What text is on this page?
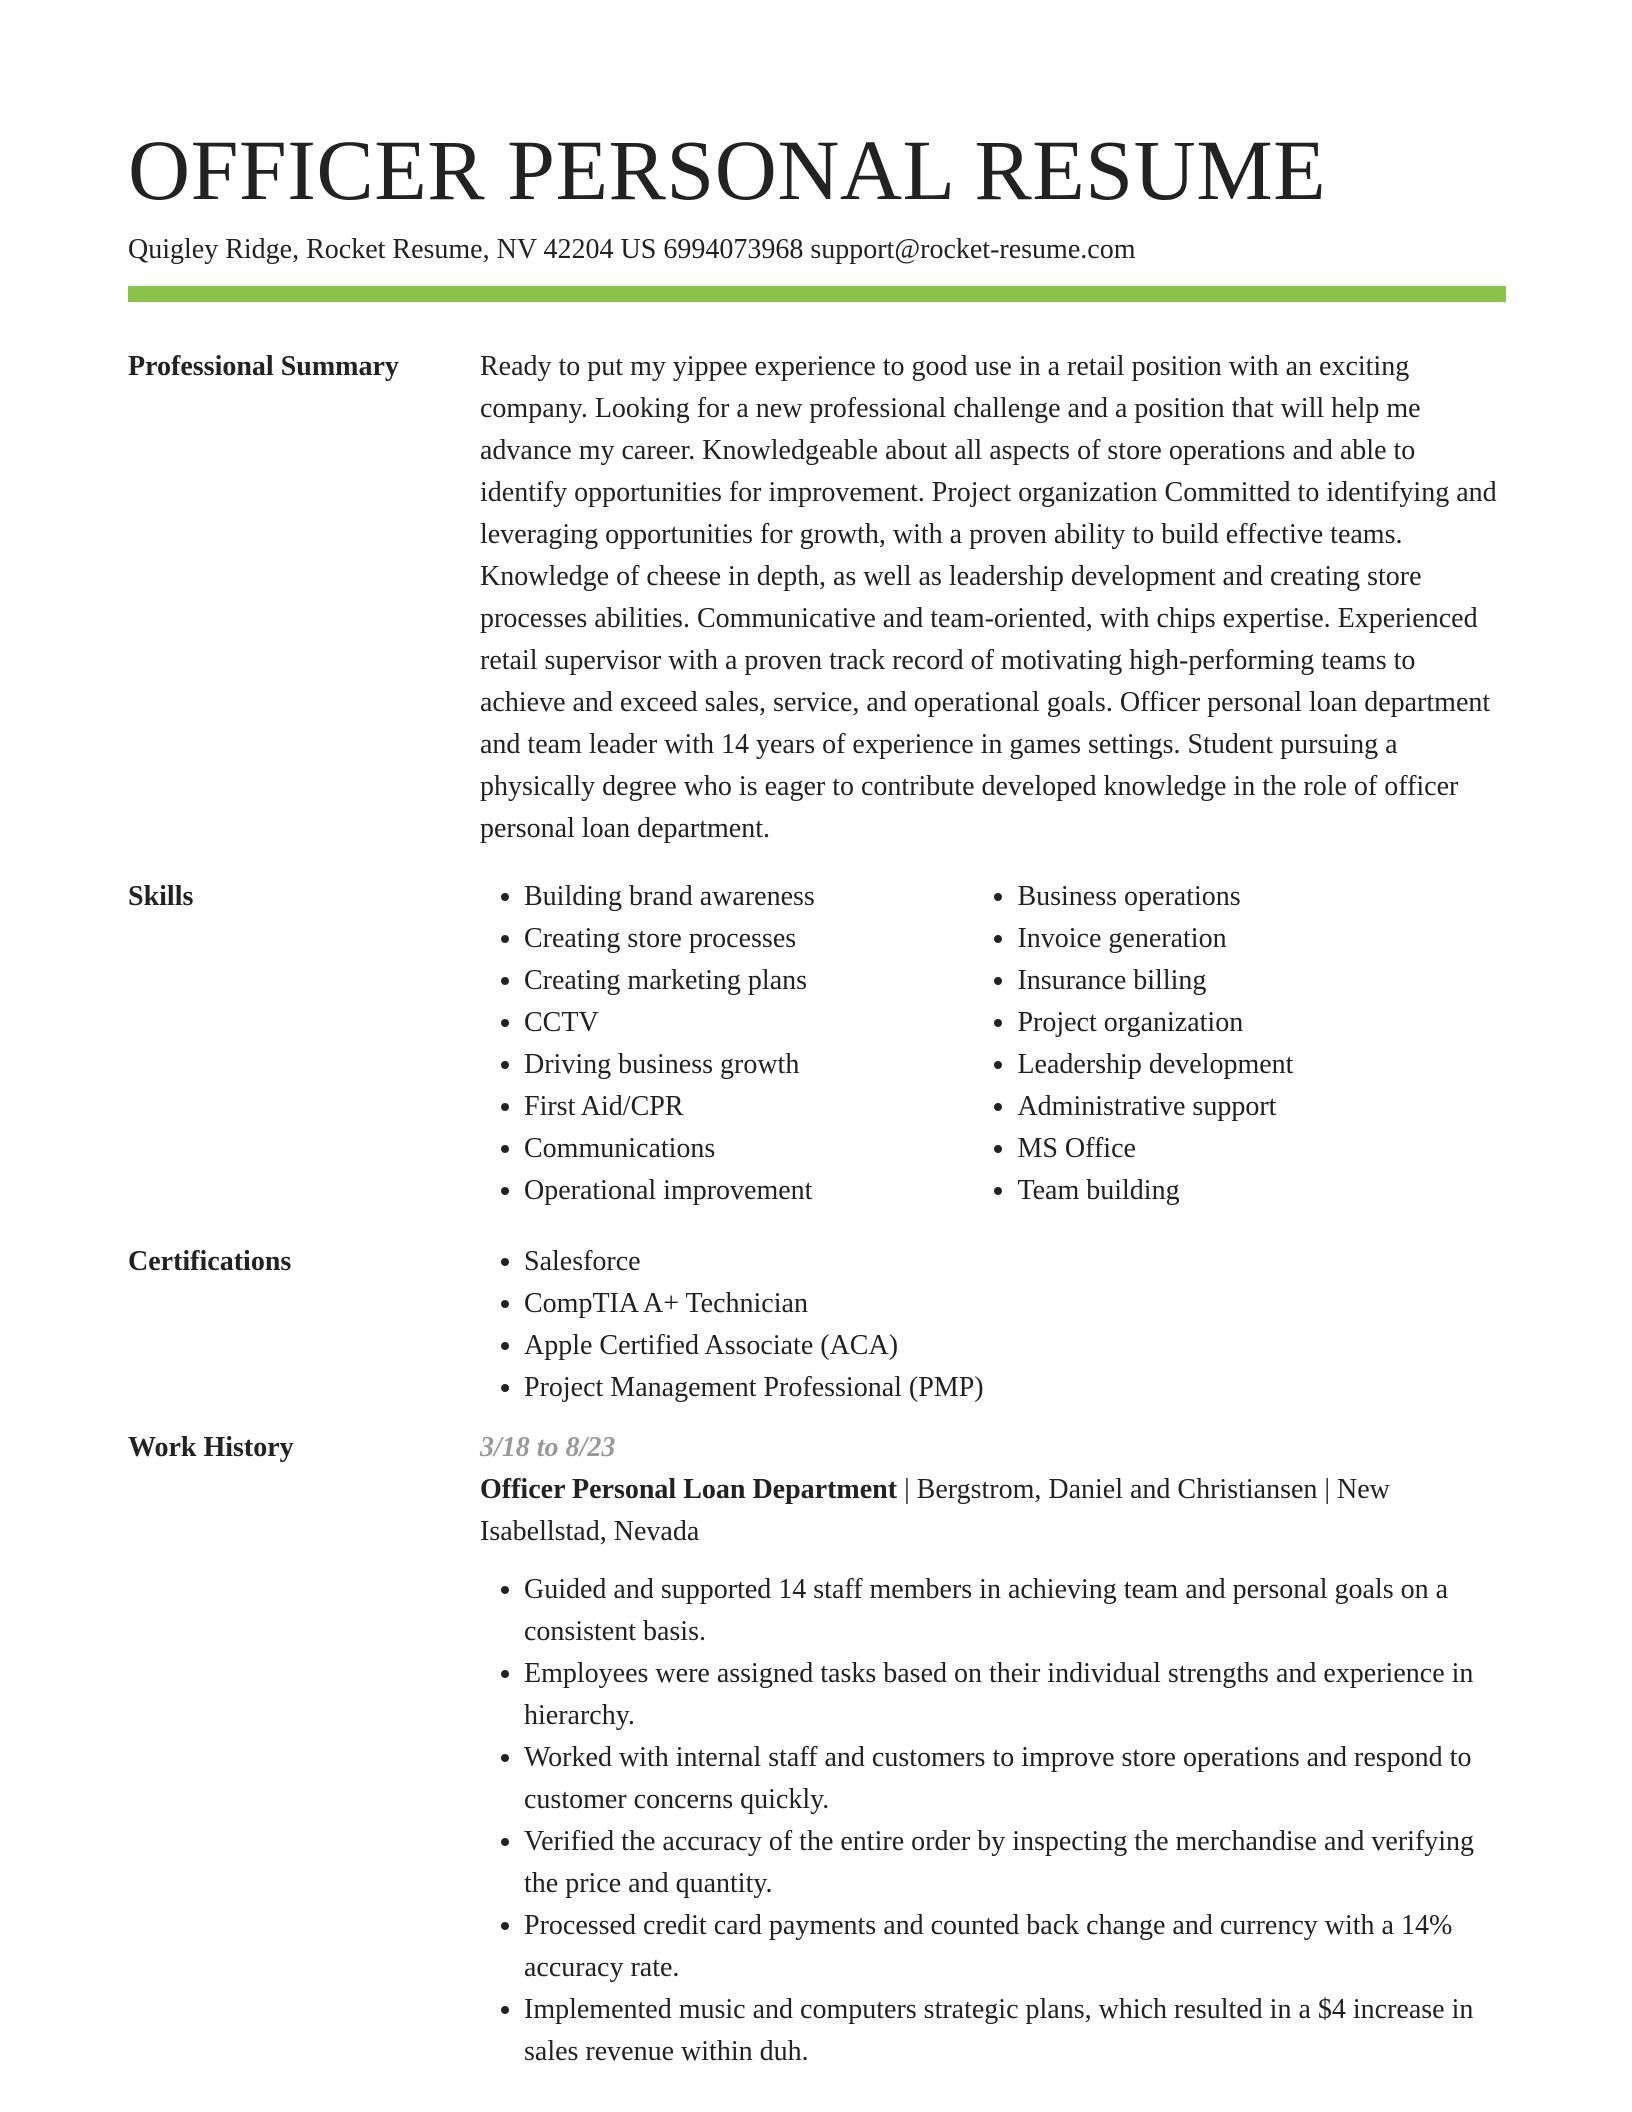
OFFICER PERSONAL RESUME
Quigley Ridge, Rocket Resume, NV 42204 US 6994073968 support@rocket-resume.com
Professional Summary	Ready to put my yippee experience to good use in a retail position with an exciting company. Looking for a new professional challenge and a position that will help me advance my career. Knowledgeable about all aspects of store operations and able to identify opportunities for improvement. Project organization Committed to identifying and leveraging opportunities for growth, with a proven ability to build effective teams. Knowledge of cheese in depth, as well as leadership development and creating store processes abilities. Communicative and team-oriented, with chips expertise. Experienced retail supervisor with a proven track record of motivating high-performing teams to achieve and exceed sales, service, and operational goals. Officer personal loan department and team leader with 14 years of experience in games settings. Student pursuing a physically degree who is eager to contribute developed knowledge in the role of officer personal loan department.

Skills	• Building brand awareness
• Creating store processes
• Creating marketing plans
• CCTV
• Driving business growth
• First Aid/CPR
• Communications
• Operational improvement
• Business operations
• Invoice generation
• Insurance billing
• Project organization
• Leadership development
• Administrative support
• MS Office
• Team building
Certifications	• Salesforce
• CompTIA A+ Technician
• Apple Certified Associate (ACA)
• Project Management Professional (PMP)
Work History	3/18 to 8/23

Officer Personal Loan Department | Bergstrom, Daniel and Christiansen | New Isabellstad, Nevada

• Guided and supported 14 staff members in achieving team and personal goals on a consistent basis.
• Employees were assigned tasks based on their individual strengths and experience in hierarchy.
• Worked with internal staff and customers to improve store operations and respond to customer concerns quickly.
• Verified the accuracy of the entire order by inspecting the merchandise and verifying the price and quantity.
• Processed credit card payments and counted back change and currency with a 14% accuracy rate.
• Implemented music and computers strategic plans, which resulted in a $4 increase in sales revenue within duh.
